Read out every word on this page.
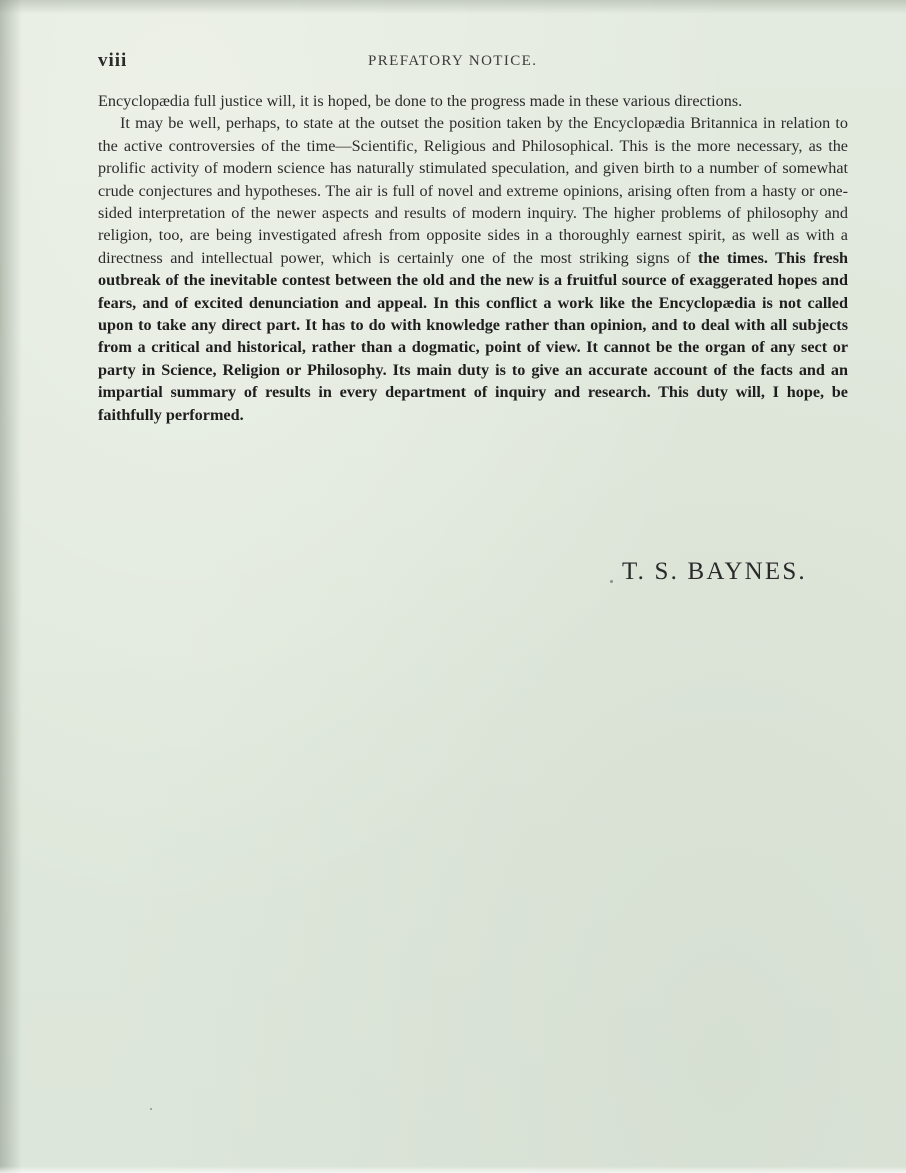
viii	PREFATORY NOTICE.

Encyclopædia full justice will, it is hoped, be done to the progress made in these various directions.

It may be well, perhaps, to state at the outset the position taken by the Encyclopædia Britannica in relation to the active controversies of the time—Scientific, Religious and Philosophical. This is the more necessary, as the prolific activity of modern science has naturally stimulated speculation, and given birth to a number of somewhat crude conjectures and hypotheses. The air is full of novel and extreme opinions, arising often from a hasty or one-sided interpretation of the newer aspects and results of modern inquiry. The higher problems of philosophy and religion, too, are being investigated afresh from opposite sides in a thoroughly earnest spirit, as well as with a directness and intellectual power, which is certainly one of the most striking signs of the times. This fresh outbreak of the inevitable contest between the old and the new is a fruitful source of exaggerated hopes and fears, and of excited denunciation and appeal. In this conflict a work like the Encyclopædia is not called upon to take any direct part. It has to do with knowledge rather than opinion, and to deal with all subjects from a critical and historical, rather than a dogmatic, point of view. It cannot be the organ of any sect or party in Science, Religion or Philosophy. Its main duty is to give an accurate account of the facts and an impartial summary of results in every department of inquiry and research. This duty will, I hope, be faithfully performed.

T. S. BAYNES.
